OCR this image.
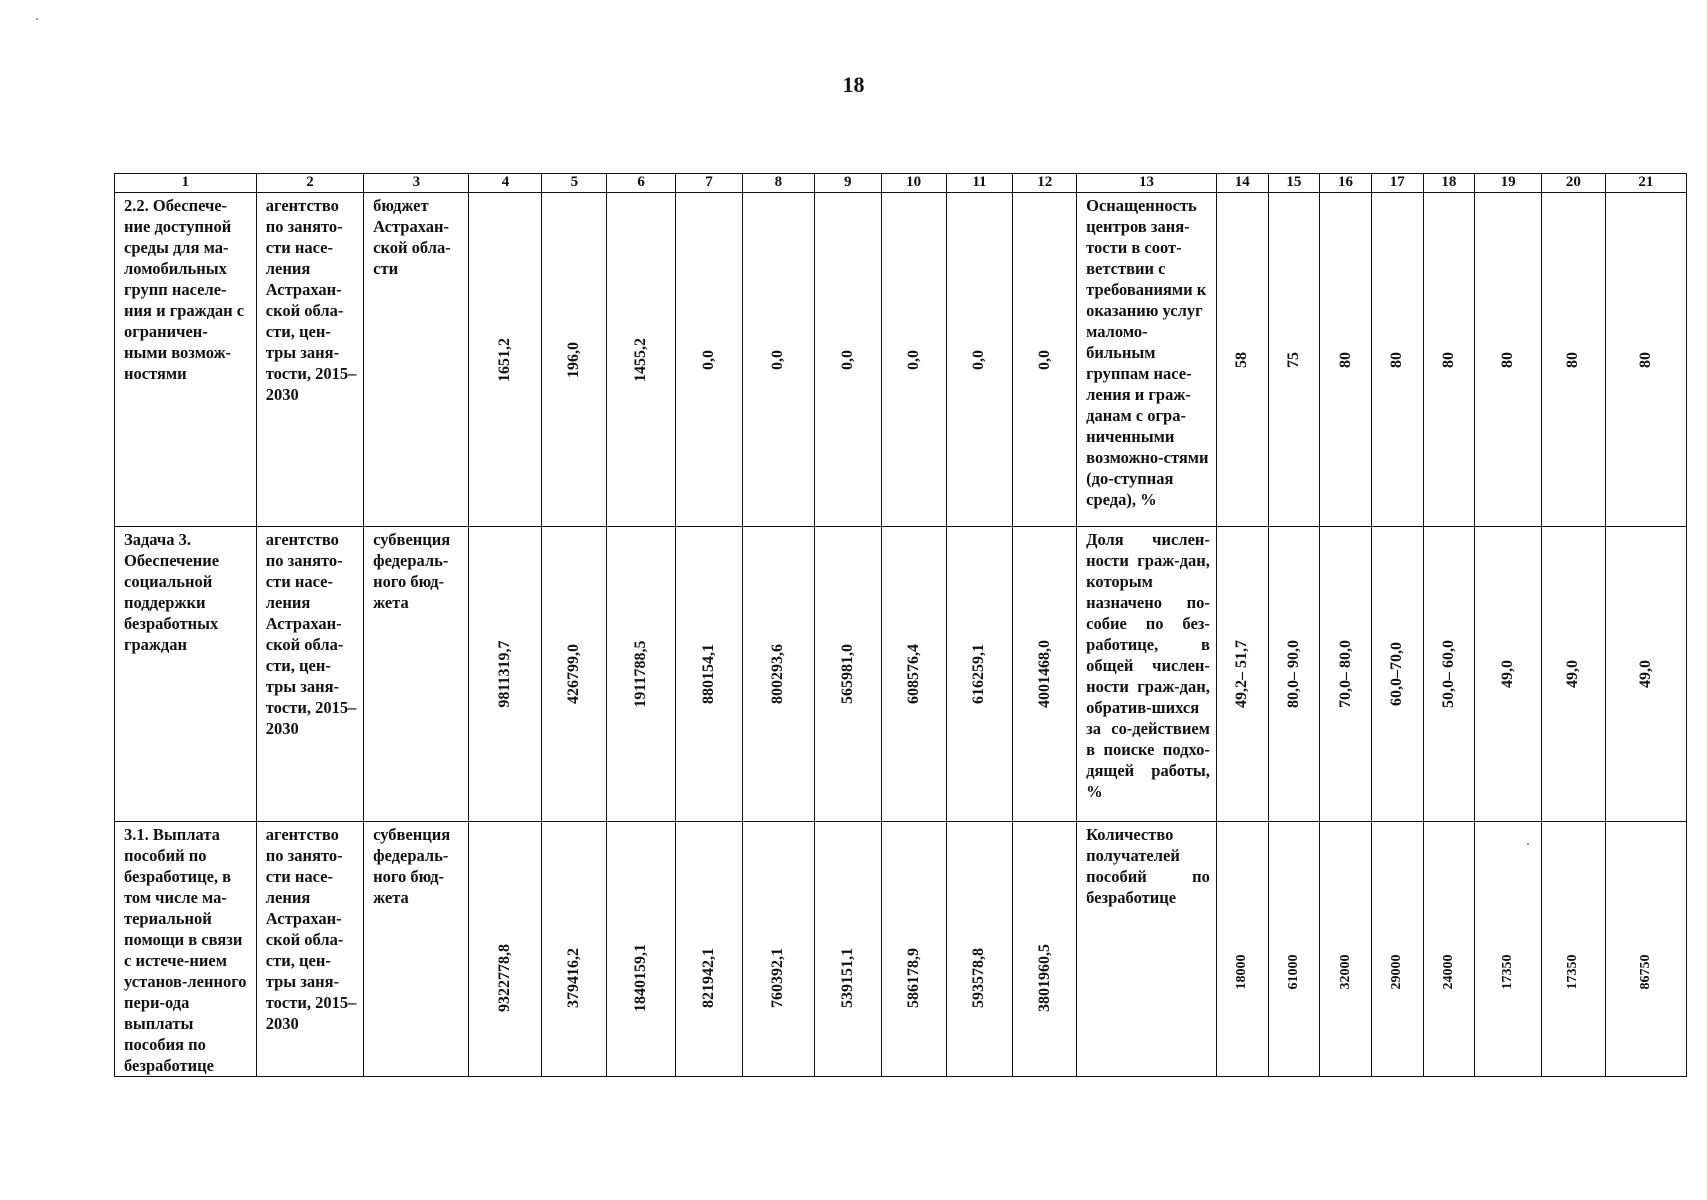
18
1	2	3	4	5	6	7	8	9	10	11	12	13	14	15	16	17	18	19	20	21

2.2. Обеспече-ние доступной среды для ма-ломобильных групп населе-ния и граждан с ограничен-ными возмож-ностями	агентство по занято-сти насе-ления Астрахан-ской обла-сти, цен-тры заня-тости, 2015–2030	бюджет Астрахан-ской обла-сти	1651,2	196,0	1455,2	0,0	0,0	0,0	0,0	0,0	0,0	Оснащенность центров заня-тости в соот-ветствии с требованиями к оказанию услуг маломо-бильным группам насе-ления и граж-данам с огра-ниченными возможно-стями (до-ступная среда), %	58	75	80	80	80	80	80	80

Задача 3. Обеспечение социальной поддержки безработных граждан	агентство по занято-сти насе-ления Астрахан-ской обла-сти, цен-тры заня-тости, 2015–2030	субвенция федераль-ного бюд-жета	9811319,7	426799,0	1911788,5	880154,1	800293,6	565981,0	608576,4	616259,1	4001468,0	Доля числен-ности граж-дан, которым назначено по-собие по без-работице, в общей числен-ности граж-дан, обратив-шихся за со-действием в поиске подхо-дящей работы, %	49,2– 51,7	80,0– 90,0	70,0– 80,0	60,0–70,0	50,0– 60,0	49,0	49,0	49,0

3.1. Выплата пособий по безработице, в том числе ма-териальной помощи в связи с истече-нием установ-ленного пери-ода выплаты пособия по безработице	агентство по занято-сти насе-ления Астрахан-ской обла-сти, цен-тры заня-тости, 2015–2030	субвенция федераль-ного бюд-жета	9322778,8	379416,2	1840159,1	821942,1	760392,1	539151,1	586178,9	593578,8	3801960,5	Количество получателей пособий по безработице	18000	61000	32000	29000	24000	17350	17350	86750
